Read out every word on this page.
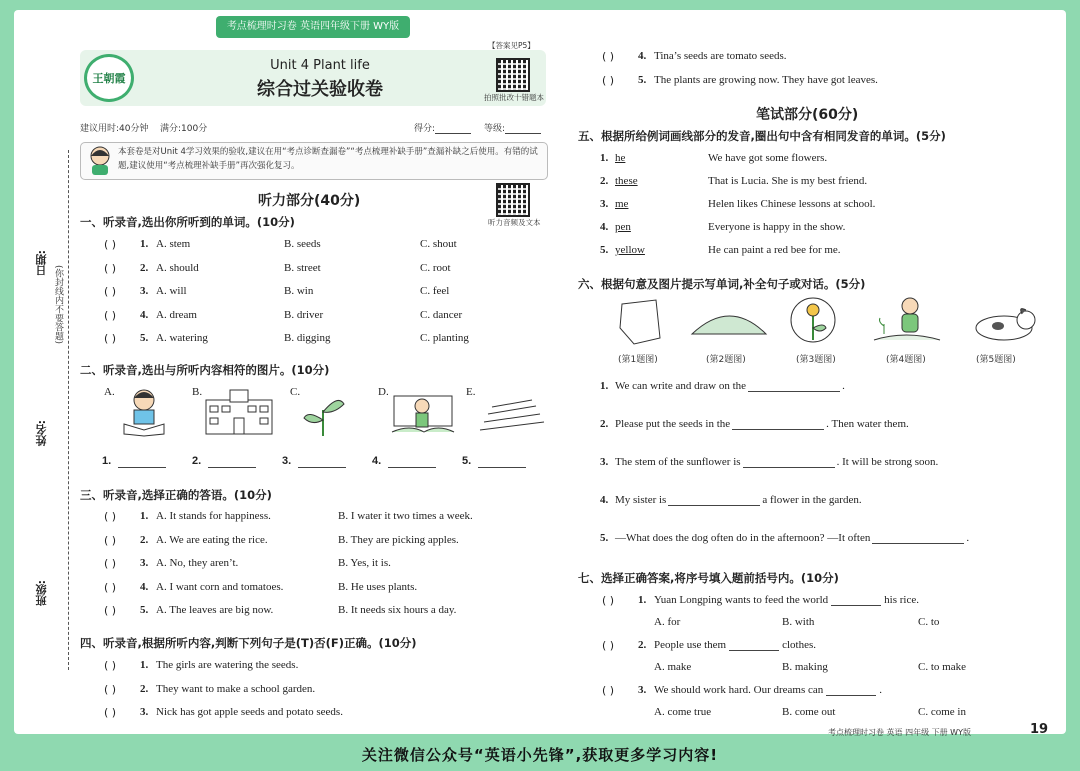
考点梳理时习卷 英语四年级下册 WY版
日期:
姓名:
班级:
(你封线内不要答题)
【答案见P5】
王朝霞
Unit 4 Plant life
综合过关验收卷	拍照批改十错题本
建议用时:40分钟 满分:100分	得分:	等级:
本套卷是对Unit 4学习效果的验收,建议在用“考点诊断查漏卷”“考点梳理补缺手册”查漏补缺之后使用。有错的试题,建议使用“考点梳理补缺手册”再次强化复习。
听力部分(40分)
听力音频及文本
一、听录音,选出你所听到的单词。(10分)
( ) 1. A. stem	B. seeds	C. shout
( ) 2. A. should	B. street	C. root
( ) 3. A. will	B. win	C. feel
( ) 4. A. dream	B. driver	C. dancer
( ) 5. A. watering	B. digging	C. planting
二、听录音,选出与所听内容相符的图片。(10分)
A.	B.	C.	D.	E.
1.	2.	3.	4.	5.
三、听录音,选择正确的答语。(10分)
( ) 1. A. It stands for happiness.	B. I water it two times a week.
( ) 2. A. We are eating the rice.	B. They are picking apples.
( ) 3. A. No, they aren’t.	B. Yes, it is.
( ) 4. A. I want corn and tomatoes.	B. He uses plants.
( ) 5. A. The leaves are big now.	B. It needs six hours a day.
四、听录音,根据所听内容,判断下列句子是(T)否(F)正确。(10分)
( ) 1. The girls are watering the seeds.
( ) 2. They want to make a school garden.
( ) 3. Nick has got apple seeds and potato seeds.
( ) 4. Tina’s seeds are tomato seeds.
( ) 5. The plants are growing now. They have got leaves.
笔试部分(60分)
五、根据所给例词画线部分的发音,圈出句中含有相同发音的单词。(5分)
1. he	We have got some flowers.
2. these	That is Lucia. She is my best friend.
3. me	Helen likes Chinese lessons at school.
4. pen	Everyone is happy in the show.
5. yellow	He can paint a red bee for me.
六、根据句意及图片提示写单词,补全句子或对话。(5分)
(第1题图)	(第2题图)	(第3题图)	(第4题图)	(第5题图)
1. We can write and draw on the	.
2. Please put the seeds in the	. Then water them.
3. The stem of the sunflower is	. It will be strong soon.
4. My sister is	a flower in the garden.
5. —What does the dog often do in the afternoon? —It often	.
七、选择正确答案,将序号填入题前括号内。(10分)
( ) 1. Yuan Longping wants to feed the world	his rice.
A. for	B. with	C. to
( ) 2. People use them	clothes.
A. make	B. making	C. to make
( ) 3. We should work hard. Our dreams can	.
A. come true	B. come out	C. come in
考点梳理时习卷 英语 四年级 下册 WY版	19
关注微信公众号“英语小先锋”,获取更多学习内容!
